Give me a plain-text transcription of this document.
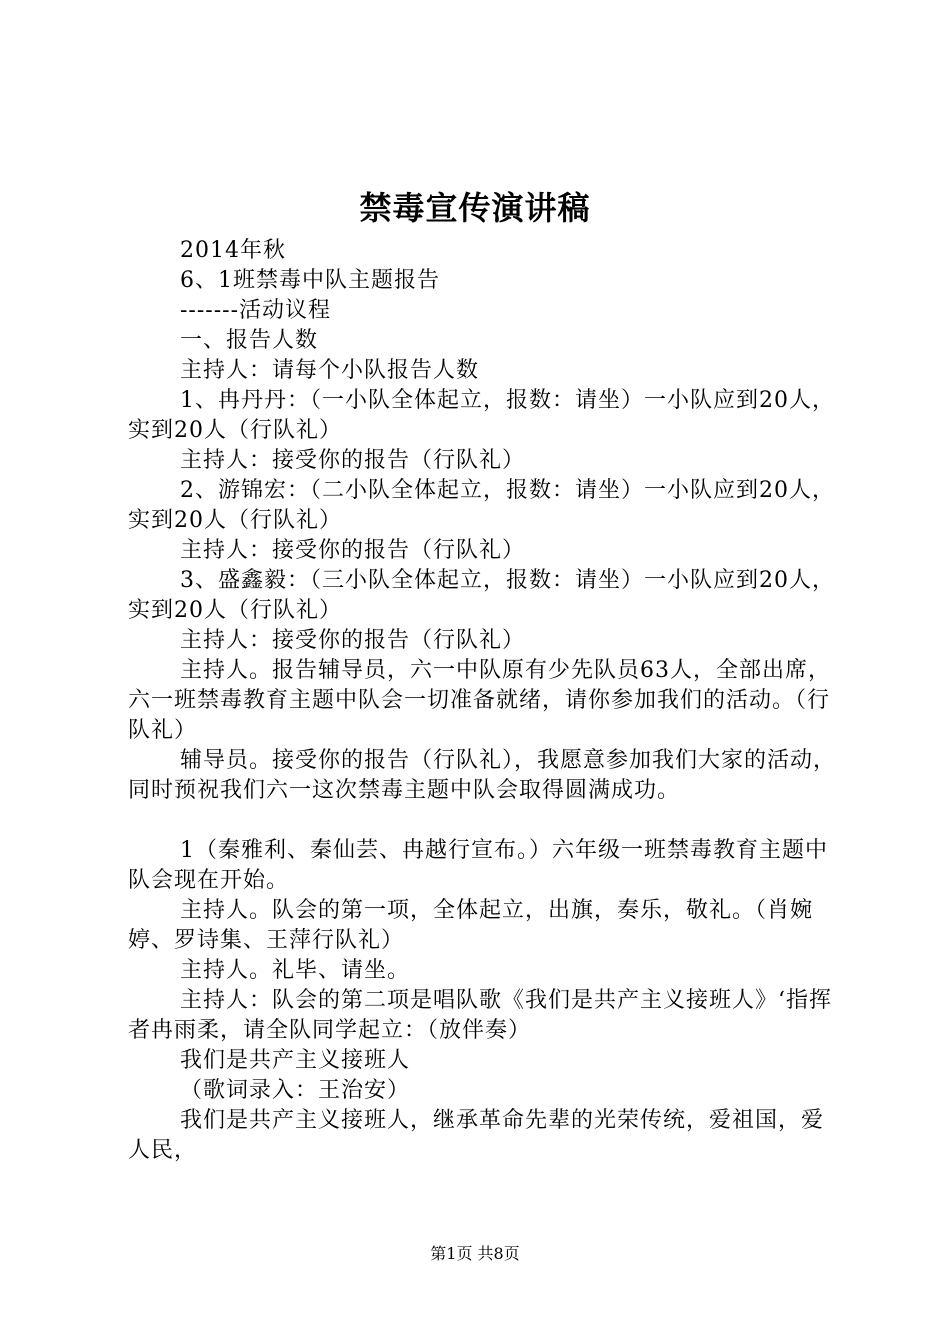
禁毒宣传演讲稿

2014年秋

6、1班禁毒中队主题报告

-------活动议程

一、报告人数

主持人：请每个小队报告人数

1、冉丹丹：（一小队全体起立，报数：请坐）一小队应到20人，实到20人（行队礼）

主持人：接受你的报告（行队礼）

2、游锦宏：（二小队全体起立，报数：请坐）一小队应到20人，实到20人（行队礼）

主持人：接受你的报告（行队礼）

3、盛鑫毅：（三小队全体起立，报数：请坐）一小队应到20人，实到20人（行队礼）

主持人：接受你的报告（行队礼）

主持人。报告辅导员，六一中队原有少先队员63人，全部出席，六一班禁毒教育主题中队会一切准备就绪，请你参加我们的活动。（行队礼）

辅导员。接受你的报告（行队礼），我愿意参加我们大家的活动，同时预祝我们六一这次禁毒主题中队会取得圆满成功。

1（秦雅利、秦仙芸、冉越行宣布。）六年级一班禁毒教育主题中队会现在开始。

主持人。队会的第一项，全体起立，出旗，奏乐，敬礼。（肖婉婷、罗诗集、王萍行队礼）

主持人。礼毕、请坐。

主持人：队会的第二项是唱队歌《我们是共产主义接班人》‘指挥者冉雨柔，请全队同学起立：（放伴奏）

我们是共产主义接班人

（歌词录入：王治安）

我们是共产主义接班人，继承革命先辈的光荣传统，爱祖国，爱人民，

第1页 共8页
